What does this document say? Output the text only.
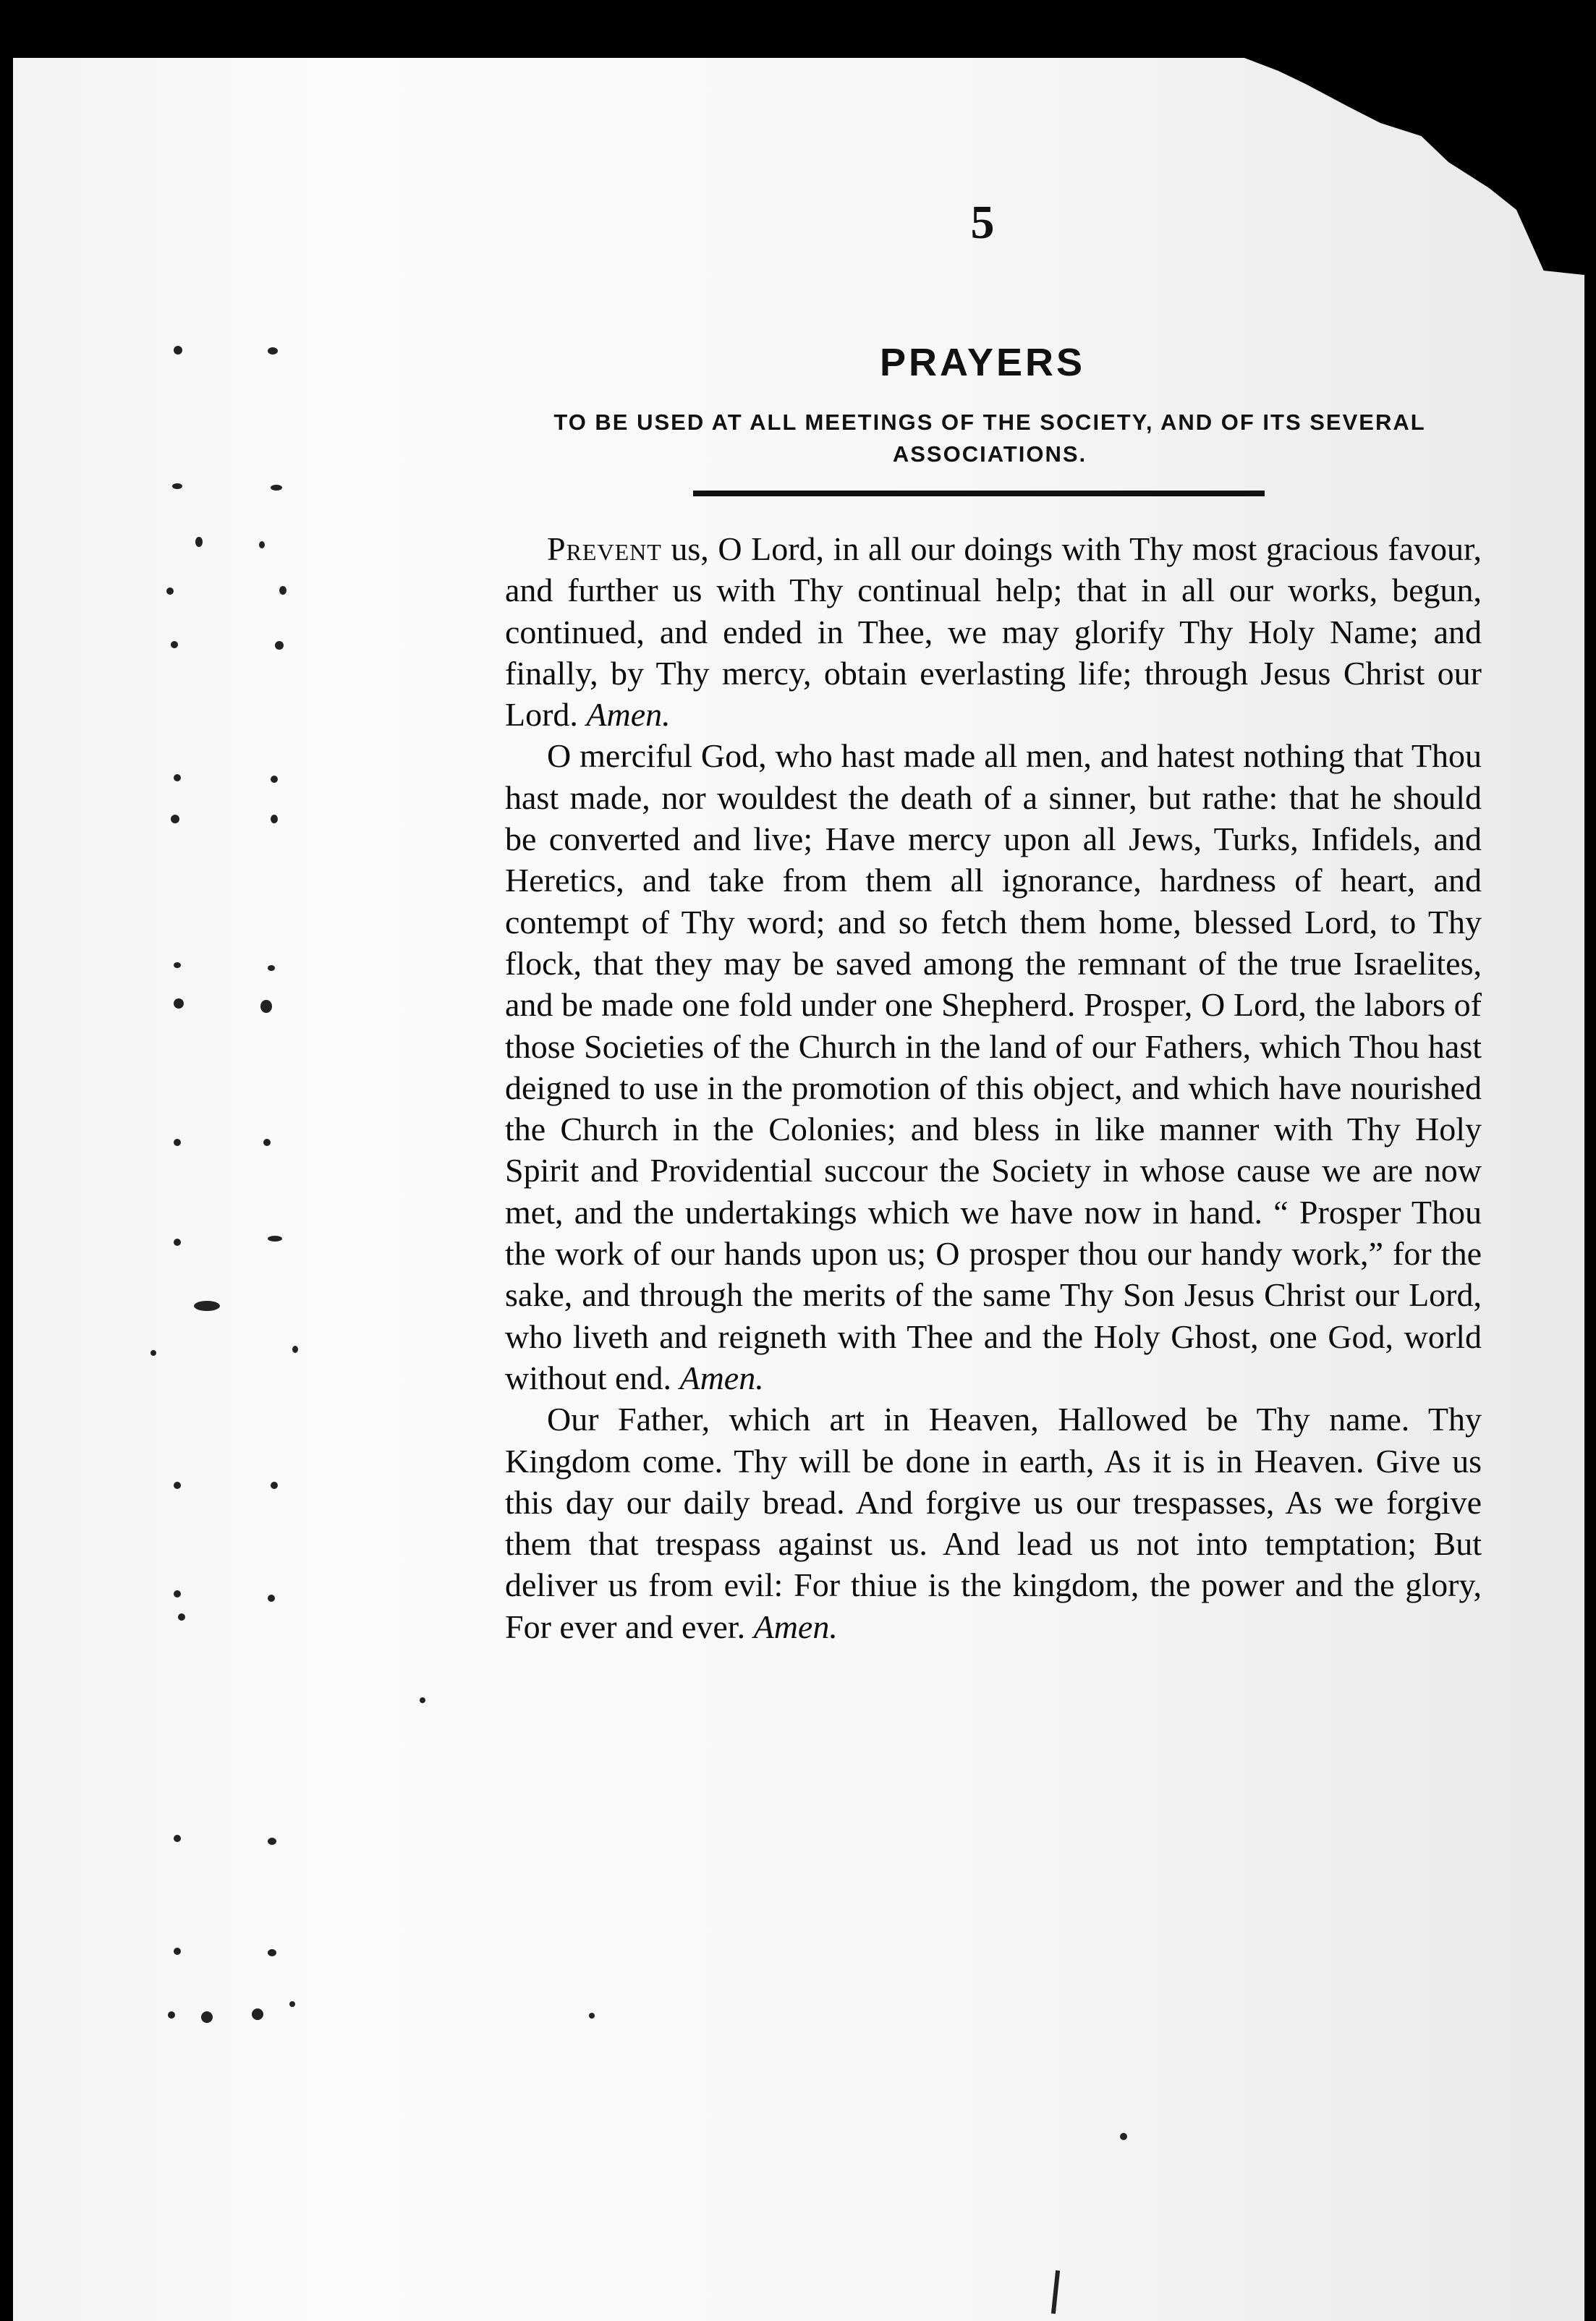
5
PRAYERS
TO BE USED AT ALL MEETINGS OF THE SOCIETY, AND OF ITS SEVERAL ASSOCIATIONS.

Prevent us, O Lord, in all our doings with Thy most gracious favour, and further us with Thy continual help; that in all our works, begun, continued, and ended in Thee, we may glorify Thy Holy Name; and finally, by Thy mercy, obtain everlasting life; through Jesus Christ our Lord. Amen.

O merciful God, who hast made all men, and hatest nothing that Thou hast made, nor wouldest the death of a sinner, but rathe: that he should be converted and live; Have mercy upon all Jews, Turks, Infidels, and Heretics, and take from them all ignorance, hardness of heart, and contempt of Thy word; and so fetch them home, blessed Lord, to Thy flock, that they may be saved among the remnant of the true Israelites, and be made one fold under one Shepherd. Prosper, O Lord, the labors of those Societies of the Church in the land of our Fathers, which Thou hast deigned to use in the promotion of this object, and which have nourished the Church in the Colonies; and bless in like manner with Thy Holy Spirit and Providential succour the Society in whose cause we are now met, and the undertakings which we have now in hand. “ Prosper Thou the work of our hands upon us; O prosper thou our handy work,” for the sake, and through the merits of the same Thy Son Jesus Christ our Lord, who liveth and reigneth with Thee and the Holy Ghost, one God, world without end. Amen.

Our Father, which art in Heaven, Hallowed be Thy name. Thy Kingdom come. Thy will be done in earth, As it is in Heaven. Give us this day our daily bread. And forgive us our trespasses, As we forgive them that trespass against us. And lead us not into temptation; But deliver us from evil: For thiue is the kingdom, the power and the glory, For ever and ever. Amen.
